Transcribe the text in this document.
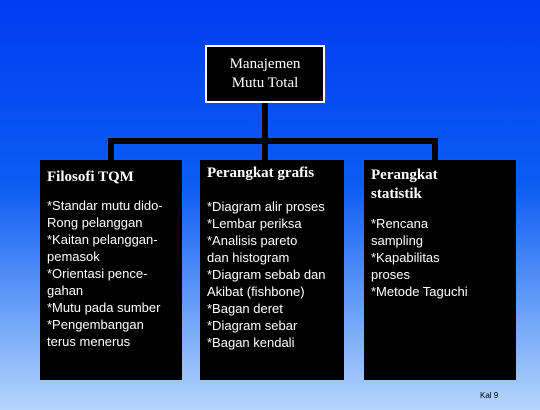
Manajemen
Mutu Total
Filosofi TQM
*Standar mutu dido-
Rong pelanggan
*Kaitan pelanggan-
pemasok
*Orientasi pence-
gahan
*Mutu pada sumber
*Pengembangan
terus menerus
Perangkat grafis
*Diagram alir proses
*Lembar periksa
*Analisis pareto
dan histogram
*Diagram sebab dan
Akibat (fishbone)
*Bagan deret
*Diagram sebar
*Bagan kendali
Perangkat
statistik
*Rencana
sampling
*Kapabilitas
proses
*Metode Taguchi
Kal 9
